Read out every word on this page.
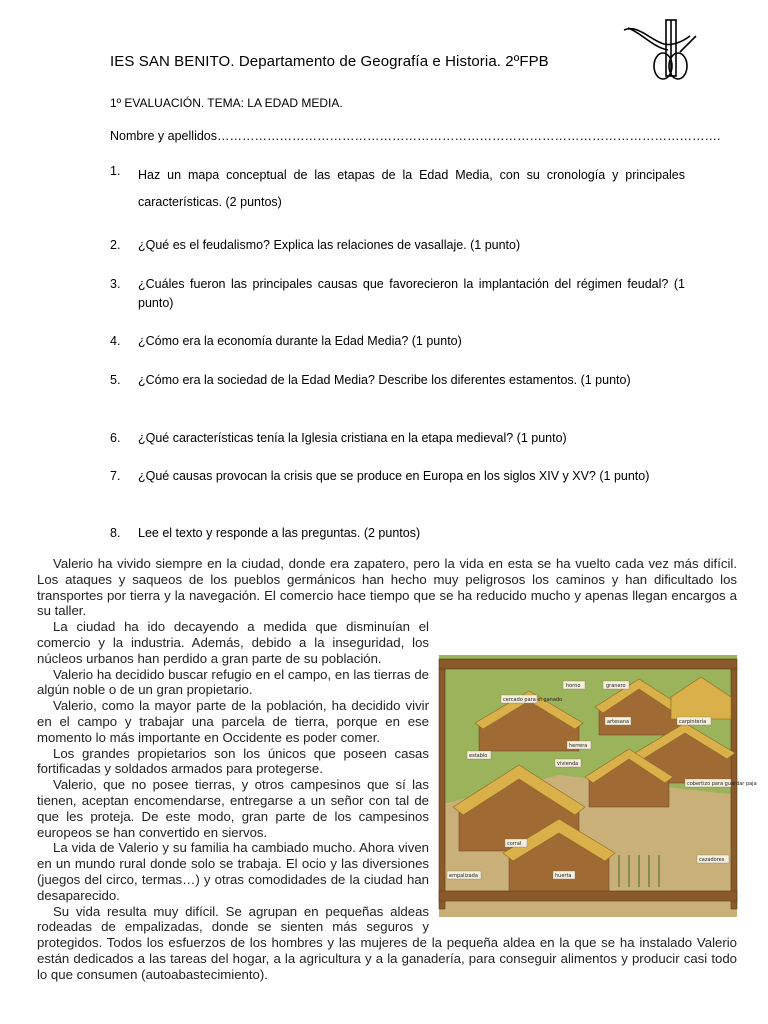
IES SAN BENITO. Departamento de Geografía e Historia. 2ºFPB
1º EVALUACIÓN. TEMA: LA EDAD MEDIA.
Nombre y apellidos………………………………………………………………………………………………………….
1.	Haz un mapa conceptual de las etapas de la Edad Media, con su cronología y principales características. (2 puntos)
2.	¿Qué es el feudalismo? Explica las relaciones de vasallaje. (1 punto)
3.	¿Cuáles fueron las principales causas que favorecieron la implantación del régimen feudal? (1 punto)
4.	¿Cómo era la economía durante la Edad Media? (1 punto)
5.	¿Cómo era la sociedad de la Edad Media? Describe los diferentes estamentos. (1 punto)
6.	¿Qué características tenía la Iglesia cristiana en la etapa medieval? (1 punto)
7.	¿Qué causas provocan la crisis que se produce en Europa en los siglos XIV y XV? (1 punto)
8.	Lee el texto y responde a las preguntas. (2 puntos)

Valerio ha vivido siempre en la ciudad, donde era zapatero, pero la vida en esta se ha vuelto cada vez más difícil. Los ataques y saqueos de los pueblos germánicos han hecho muy peligrosos los caminos y han dificultado los transportes por tierra y la navegación. El comercio hace tiempo que se ha reducido mucho y apenas llegan encargos a su taller.

horno	granero
cercado para el ganado
artesana	carpintería
herrera
establo
vivienda
cobertizo para guardar paja
corral
empalizada	huerta
cazadores

La ciudad ha ido decayendo a medida que disminuían el comercio y la industria. Además, debido a la inseguridad, los núcleos urbanos han perdido a gran parte de su población.

Valerio ha decidido buscar refugio en el campo, en las tierras de algún noble o de un gran propietario.

Valerio, como la mayor parte de la población, ha decidido vivir en el campo y trabajar una parcela de tierra, porque en ese momento lo más importante en Occidente es poder comer.

Los grandes propietarios son los únicos que poseen casas fortificadas y soldados armados para protegerse.

Valerio, que no posee tierras, y otros campesinos que sí las tienen, aceptan encomendarse, entregarse a un señor con tal de que les proteja. De este modo, gran parte de los campesinos europeos se han convertido en siervos.

La vida de Valerio y su familia ha cambiado mucho. Ahora viven en un mundo rural donde solo se trabaja. El ocio y las diversiones (juegos del circo, termas…) y otras comodidades de la ciudad han desaparecido.

Su vida resulta muy difícil. Se agrupan en pequeñas aldeas rodeadas de empalizadas, donde se sienten más seguros y protegidos. Todos los esfuerzos de los hombres y las mujeres de la pequeña aldea en la que se ha instalado Valerio están dedicados a las tareas del hogar, a la agricultura y a la ganadería, para conseguir alimentos y producir casi todo lo que consumen (autoabastecimiento).
